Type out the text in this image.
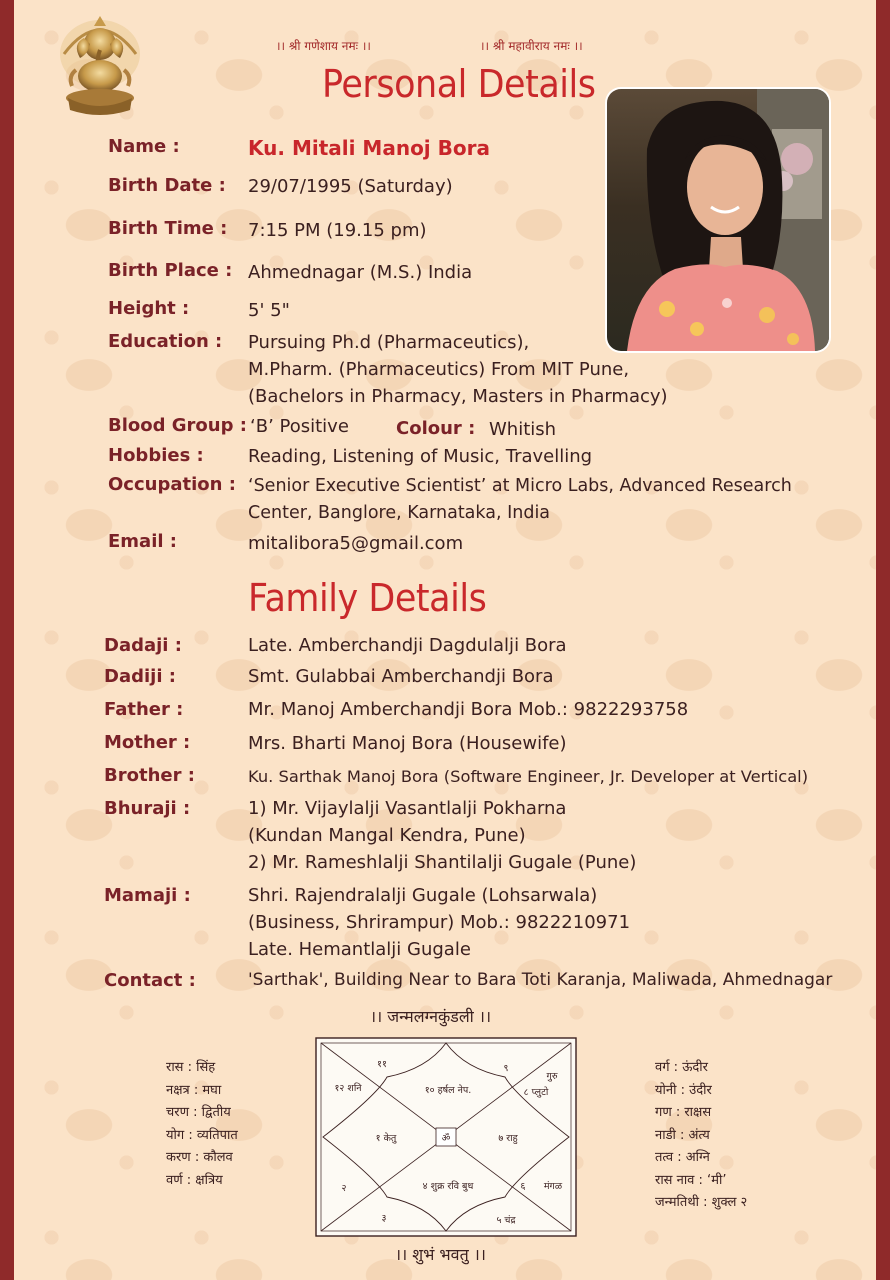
।। श्री गणेशाय नमः ।।	।। श्री महावीराय नमः ।।
Personal Details
Name :	Ku. Mitali Manoj Bora
Birth Date : 29/07/1995 (Saturday)
Birth Time : 7:15 PM (19.15 pm)
Birth Place : Ahmednagar (M.S.) India
Height :	5' 5"
Education : Pursuing Ph.d (Pharmaceutics),
M.Pharm. (Pharmaceutics) From MIT Pune,
(Bachelors in Pharmacy, Masters in Pharmacy)
Blood Group : ‘B’ Positive	Colour : Whitish
Hobbies : Reading, Listening of Music, Travelling
Occupation : ‘Senior Executive Scientist’ at Micro Labs, Advanced Research
Center, Banglore, Karnataka, India
Email :	mitalibora5@gmail.com
Family Details
Dadaji :	Late. Amberchandji Dagdulalji Bora
Dadiji :	Smt. Gulabbai Amberchandji Bora
Father :	Mr. Manoj Amberchandji Bora Mob.: 9822293758
Mother :	Mrs. Bharti Manoj Bora (Housewife)
Brother :	Ku. Sarthak Manoj Bora (Software Engineer, Jr. Developer at Vertical)
Bhuraji :	1) Mr. Vijaylalji Vasantlalji Pokharna
(Kundan Mangal Kendra, Pune)
2) Mr. Rameshlalji Shantilalji Gugale (Pune)
Mamaji :	Shri. Rajendralalji Gugale (Lohsarwala)
(Business, Shrirampur) Mob.: 9822210971
Late. Hemantlalji Gugale
Contact :	'Sarthak', Building Near to Bara Toti Karanja, Maliwada, Ahmednagar
।। जन्मलग्नकुंडली ।।
रास : सिंह
नक्षत्र : मघा
चरण : द्वितीय
योग : व्यतिपात
करण : कौलव
वर्ण : क्षत्रिय
वर्ग : ऊंदीर
योनी : उंदीर
गण : राक्षस
नाडी : अंत्य
तत्व : अग्नि
रास नाव : ‘मी’
जन्मतिथी : शुक्ल २
ॐ
११	९
गुरु
८ प्लुटो
१२ शनि	१० हर्षल नेप.
१ केतु	७ राहु
२	४ शुक्र रवि बुध	६ मंगळ
३	५ चंद्र
।। शुभं भवतु ।।
